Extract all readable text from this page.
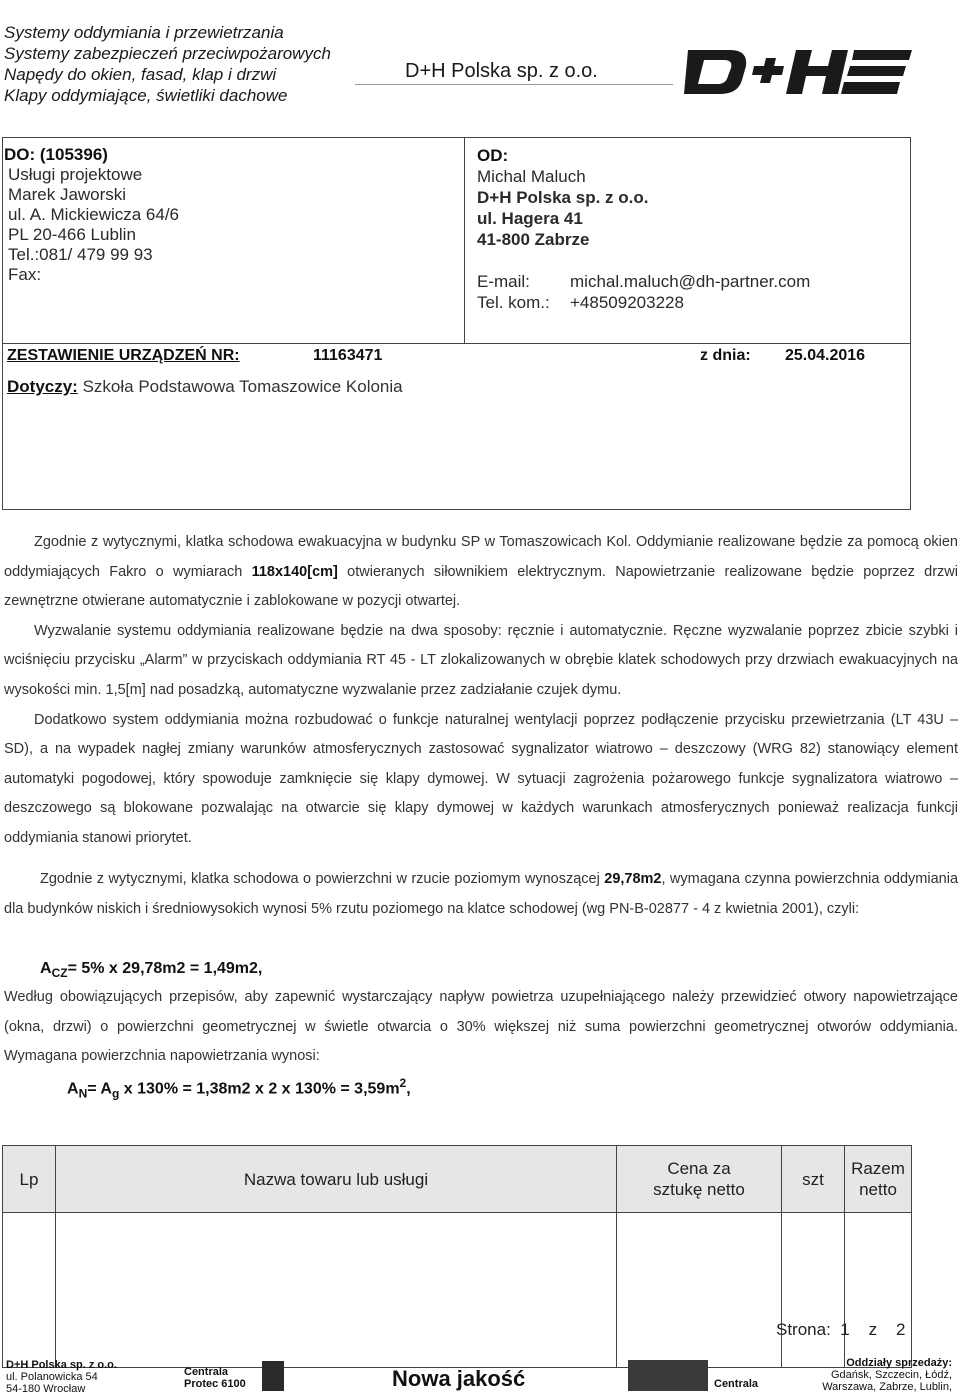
Systemy oddymiania i przewietrzania
Systemy zabezpieczeń przeciwpożarowych
Napędy do okien, fasad, klap i drzwi
Klapy oddymiające, świetliki dachowe
D+H Polska sp. z o.o.
DO: (105396)
Usługi projektowe
Marek Jaworski
ul. A. Mickiewicza 64/6
PL 20-466 Lublin
Tel.:081/ 479 99 93
Fax:
OD:
Michal Maluch
D+H Polska sp. z o.o.
ul. Hagera 41
41-800 Zabrze
E-mail:	michal.maluch@dh-partner.com
Tel. kom.:	+48509203228
ZESTAWIENIE URZĄDZEŃ NR:	11163471	z dnia: 25.04.2016
Dotyczy: Szkoła Podstawowa Tomaszowice Kolonia
Zgodnie z wytycznymi, klatka schodowa ewakuacyjna w budynku SP w Tomaszowicach Kol. Oddymianie realizowane będzie za pomocą okien oddymiających Fakro o wymiarach 118x140[cm] otwieranych siłownikiem elektrycznym. Napowietrzanie realizowane będzie poprzez drzwi zewnętrzne otwierane automatycznie i zablokowane w pozycji otwartej.
Wyzwalanie systemu oddymiania realizowane będzie na dwa sposoby: ręcznie i automatycznie. Ręczne wyzwalanie poprzez zbicie szybki i wciśnięciu przycisku „Alarm” w przyciskach oddymiania RT 45 - LT zlokalizowanych w obrębie klatek schodowych przy drzwiach ewakuacyjnych na wysokości min. 1,5[m] nad posadzką, automatyczne wyzwalanie przez zadziałanie czujek dymu.
Dodatkowo system oddymiania można rozbudować o funkcje naturalnej wentylacji poprzez podłączenie przycisku przewietrzania (LT 43U – SD), a na wypadek nagłej zmiany warunków atmosferycznych zastosować sygnalizator wiatrowo – deszczowy (WRG 82) stanowiący element automatyki pogodowej, który spowoduje zamknięcie się klapy dymowej. W sytuacji zagrożenia pożarowego funkcje sygnalizatora wiatrowo – deszczowego są blokowane pozwalając na otwarcie się klapy dymowej w każdych warunkach atmosferycznych ponieważ realizacja funkcji oddymiania stanowi priorytet.
Zgodnie z wytycznymi, klatka schodowa o powierzchni w rzucie poziomym wynoszącej 29,78m2, wymagana czynna powierzchnia oddymiania dla budynków niskich i średniowysokich wynosi 5% rzutu poziomego na klatce schodowej (wg PN-B-02877 - 4 z kwietnia 2001), czyli:
$A_{CZ}= 5\%$ x 29,78m2 = 1,49m2,
Według obowiązujących przepisów, aby zapewnić wystarczający napływ powietrza uzupełniającego należy przewidzieć otwory napowietrzające (okna, drzwi) o powierzchni geometrycznej w świetle otwarcia o 30% większej niż suma powierzchni geometrycznej otworów oddymiania. Wymagana powierzchnia napowietrzania wynosi:
$A_N= A_g$ x 130% = 1,38m2 x 2 x $130\% = 3,59m^2$,
Lp	Nazwa towaru lub usługi	Cena za sztukę netto	szt	Razem netto

Strona: 1 z 2
D+H Polska sp. z o.o.
ul. Polanowicka 54
54-180 Wrocław
Centrala
Protec 6100	Nowa jakość	Centrala
Oddziały sprzedaży:
Gdańsk, Szczecin, Łódź,
Warszawa, Zabrze, Lublin,
